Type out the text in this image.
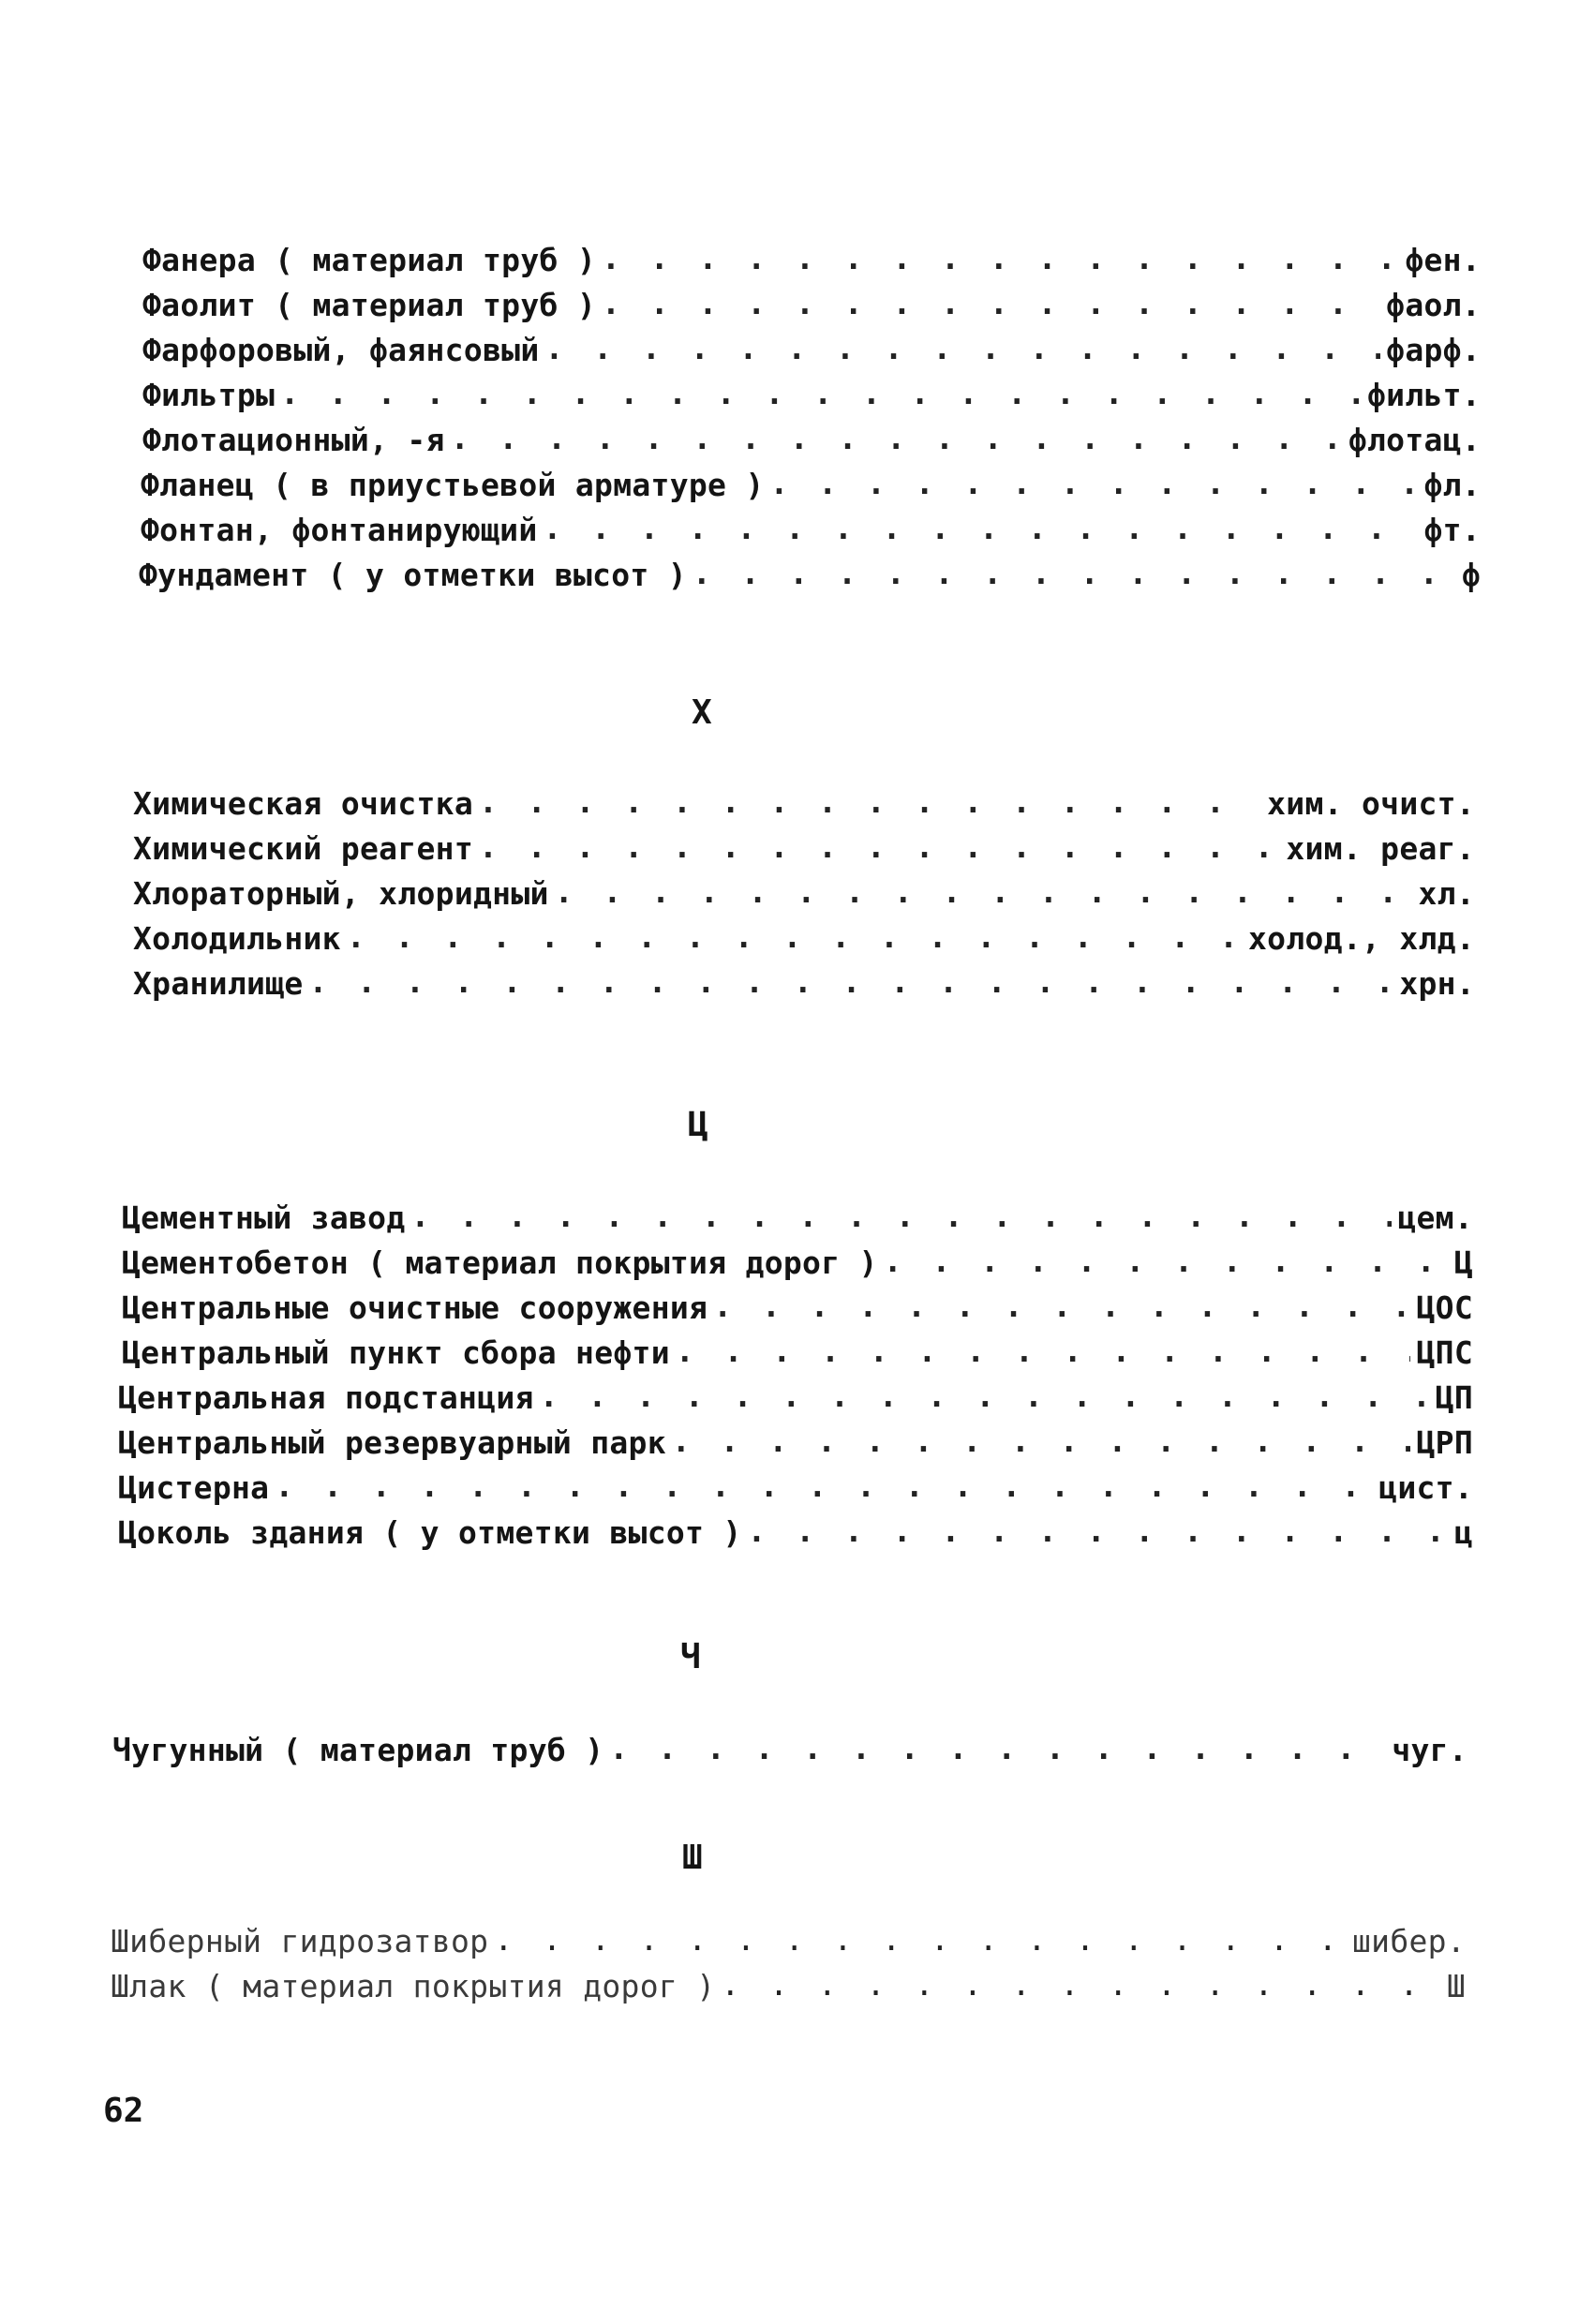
Фанера ( материал труб ) . . .	фен.
Фаолит ( материал труб ) . . .	фаол.
Фарфоровый, фаянсовый . . .	фарф.
Фильтры . . .	фильт.
Флотационный, -я . . .	флотац.
Фланец ( в приустьевой арматуре ) . . .	фл.
Фонтан, фонтанирующий . . .	фт.
Фундамент ( у отметки высот ) . . .	ф
Х
Химическая очистка . . .	хим. очист.
Химический реагент . . .	хим. реаг.
Хлораторный, хлоридный . . .	хл.
Холодильник . . .	холод., хлд.
Хранилище . . .	хрн.
Ц
Цементный завод . . .	цем.
Цементобетон ( материал покрытия дорог ) . . .	Ц
Центральные очистные сооружения . . .	ЦОС
Центральный пункт сбора нефти . . .	ЦПС
Центральная подстанция . . .	ЦП
Центральный резервуарный парк . . .	ЦРП
Цистерна . . .	цист.
Цоколь здания ( у отметки высот ) . . .	ц
Ч
Чугунный ( материал труб ) . . .	чуг.
Ш
Шиберный гидрозатвор . . .	шибер.
Шлак ( материал покрытия дорог ) . . .	Ш
62
